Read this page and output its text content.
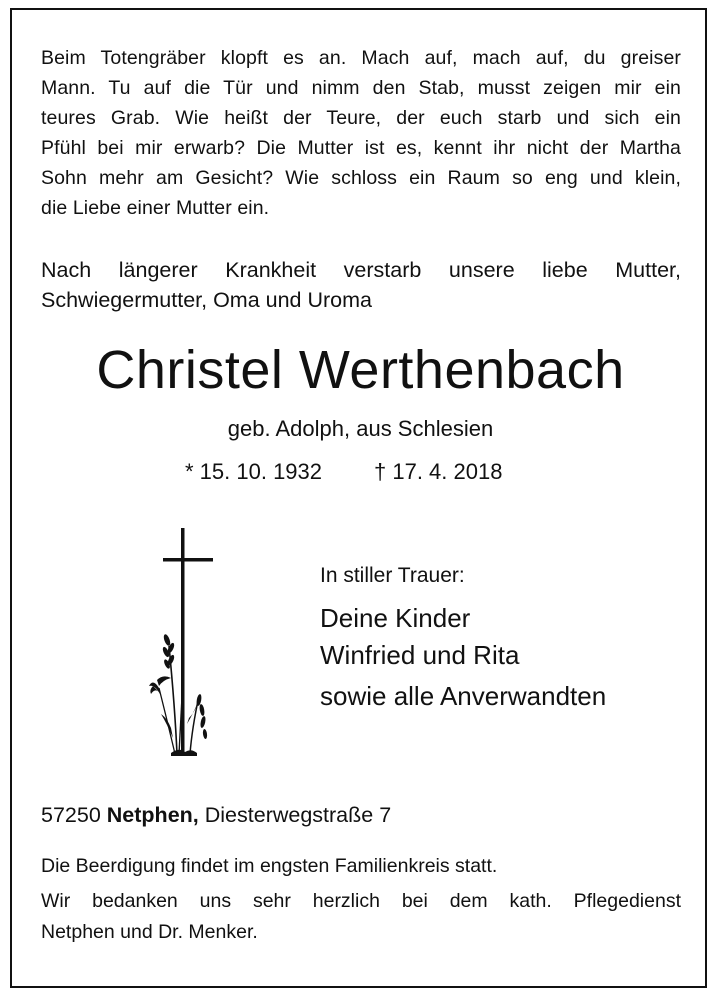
Beim Totengräber klopft es an. Mach auf, mach auf, du greiser
Mann. Tu auf die Tür und nimm den Stab, musst zeigen mir ein
teures Grab. Wie heißt der Teure, der euch starb und sich ein
Pfühl bei mir erwarb? Die Mutter ist es, kennt ihr nicht der Martha
Sohn mehr am Gesicht? Wie schloss ein Raum so eng und klein,
die Liebe einer Mutter ein.
Nach längerer Krankheit verstarb unsere liebe Mutter,
Schwiegermutter, Oma und Uroma
Christel Werthenbach
geb. Adolph, aus Schlesien
* 15. 10. 1932 † 17. 4. 2018
In stiller Trauer:
Deine Kinder
Winfried und Rita
sowie alle Anverwandten
57250 Netphen, Diesterwegstraße 7
Die Beerdigung findet im engsten Familienkreis statt.
Wir bedanken uns sehr herzlich bei dem kath. Pflegedienst
Netphen und Dr. Menker.
